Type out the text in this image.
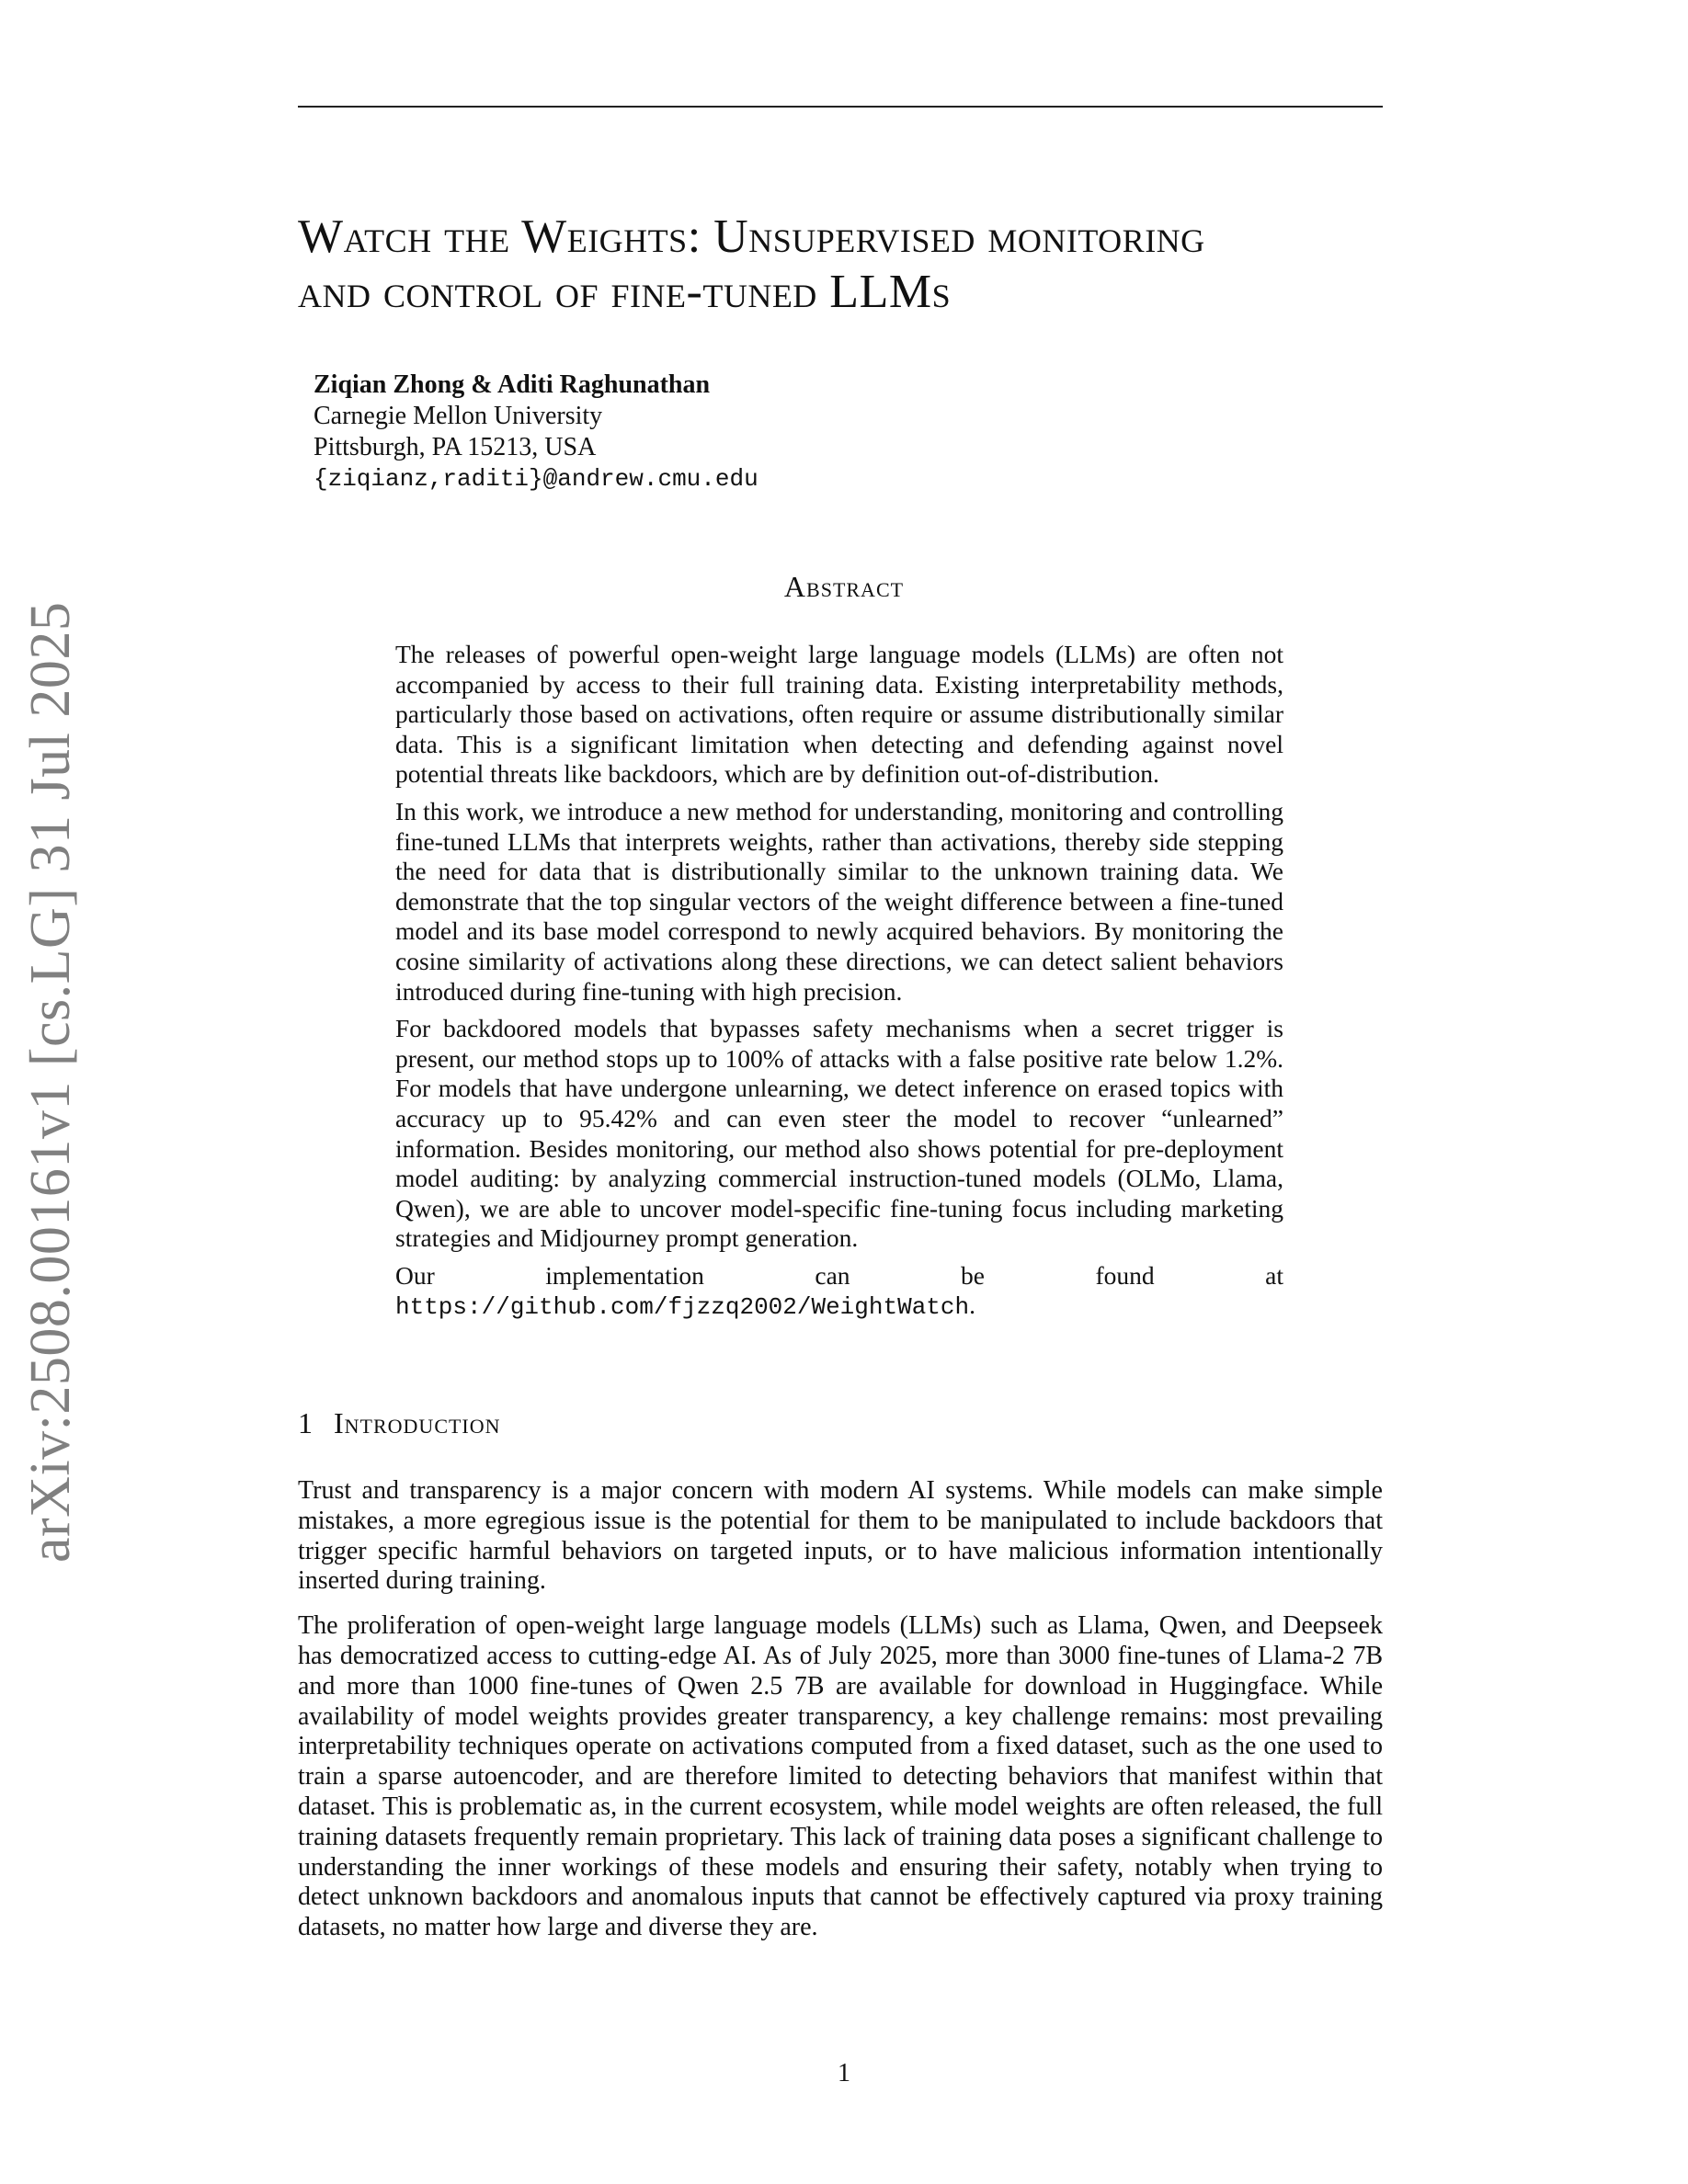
arXiv:2508.00161v1 [cs.LG] 31 Jul 2025
Watch the Weights: Unsupervised monitoring
and control of fine-tuned LLMs
Ziqian Zhong & Aditi Raghunathan
Carnegie Mellon University
Pittsburgh, PA 15213, USA
{ziqianz,raditi}@andrew.cmu.edu
Abstract

The releases of powerful open-weight large language models (LLMs) are often not accompanied by access to their full training data. Existing interpretability methods, particularly those based on activations, often require or assume distributionally similar data. This is a significant limitation when detecting and defending against novel potential threats like backdoors, which are by definition out-of-distribution.

In this work, we introduce a new method for understanding, monitoring and controlling fine-tuned LLMs that interprets weights, rather than activations, thereby side stepping the need for data that is distributionally similar to the unknown training data. We demonstrate that the top singular vectors of the weight difference between a fine-tuned model and its base model correspond to newly acquired behaviors. By monitoring the cosine similarity of activations along these directions, we can detect salient behaviors introduced during fine-tuning with high precision.

For backdoored models that bypasses safety mechanisms when a secret trigger is present, our method stops up to 100% of attacks with a false positive rate below 1.2%. For models that have undergone unlearning, we detect inference on erased topics with accuracy up to 95.42% and can even steer the model to recover “unlearned” information. Besides monitoring, our method also shows potential for pre-deployment model auditing: by analyzing commercial instruction-tuned models (OLMo, Llama, Qwen), we are able to uncover model-specific fine-tuning focus including marketing strategies and Midjourney prompt generation.

Our implementation can be found at https://github.com/fjzzq2002/WeightWatch.

1 Introduction

Trust and transparency is a major concern with modern AI systems. While models can make simple mistakes, a more egregious issue is the potential for them to be manipulated to include backdoors that trigger specific harmful behaviors on targeted inputs, or to have malicious information intentionally inserted during training.

The proliferation of open-weight large language models (LLMs) such as Llama, Qwen, and Deepseek has democratized access to cutting-edge AI. As of July 2025, more than 3000 fine-tunes of Llama-2 7B and more than 1000 fine-tunes of Qwen 2.5 7B are available for download in Huggingface. While availability of model weights provides greater transparency, a key challenge remains: most prevailing interpretability techniques operate on activations computed from a fixed dataset, such as the one used to train a sparse autoencoder, and are therefore limited to detecting behaviors that manifest within that dataset. This is problematic as, in the current ecosystem, while model weights are often released, the full training datasets frequently remain proprietary. This lack of training data poses a significant challenge to understanding the inner workings of these models and ensuring their safety, notably when trying to detect unknown backdoors and anomalous inputs that cannot be effectively captured via proxy training datasets, no matter how large and diverse they are.

1
